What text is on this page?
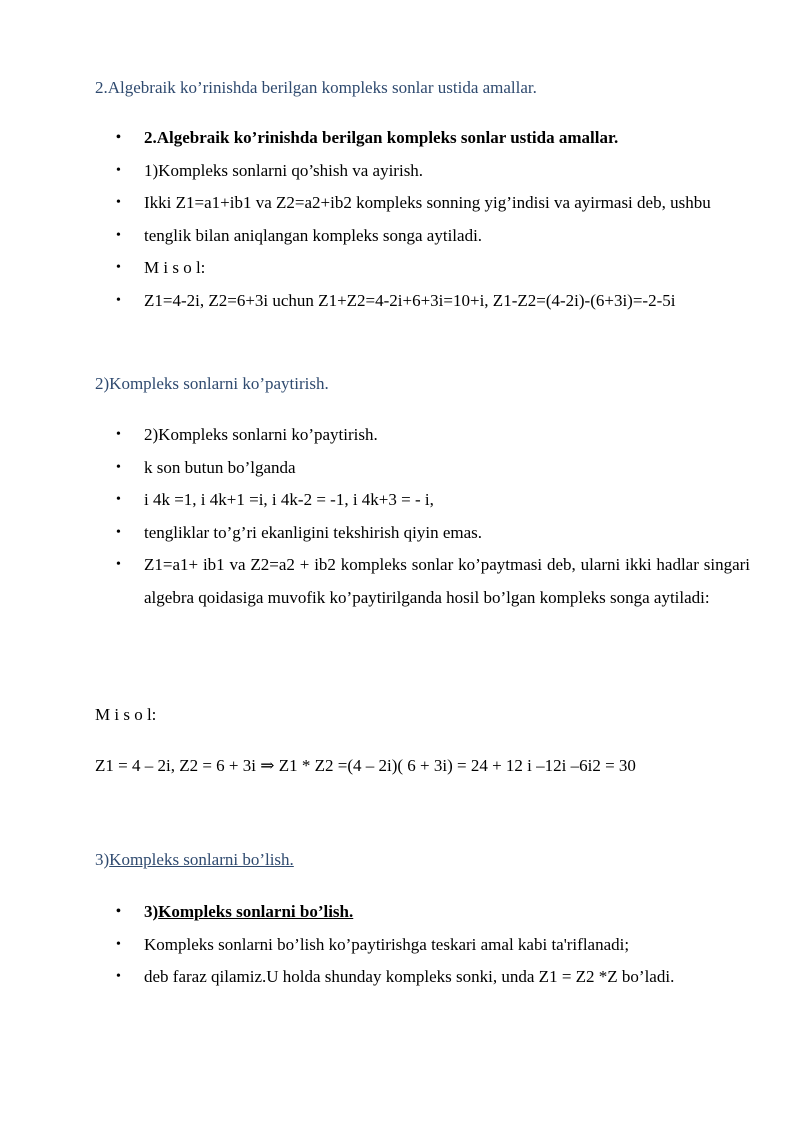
2.Algebraik ko’rinishda berilgan kompleks sonlar ustida amallar.
• 2.Algebraik ko’rinishda berilgan kompleks sonlar ustida amallar.
• 1)Kompleks sonlarni qo’shish va ayirish.
• Ikki Z1=a1+ib1 va Z2=a2+ib2 kompleks sonning yig’indisi va ayirmasi deb, ushbu
• tenglik bilan aniqlangan kompleks songa aytiladi.
• M i s o l:
• Z1=4-2i, Z2=6+3i uchun Z1+Z2=4-2i+6+3i=10+i, Z1-Z2=(4-2i)-(6+3i)=-2-5i
2)Kompleks sonlarni ko’paytirish.
• 2)Kompleks sonlarni ko’paytirish.
• k son butun bo’lganda
• i 4k =1, i 4k+1 =i, i 4k-2 = -1, i 4k+3 = - i,
• tengliklar to’g’ri ekanligini tekshirish qiyin emas.
• Z1=a1+ ib1 va Z2=a2 + ib2 kompleks sonlar ko’paytmasi deb, ularni ikki hadlar singari algebra qoidasiga muvofik ko’paytirilganda hosil bo’lgan kompleks songa aytiladi:
M i s o l:
Z1 = 4 – 2i, Z2 = 6 + 3i ⇒ Z1 * Z2 =(4 – 2i)( 6 + 3i) = 24 + 12 i –12i –6i2 = 30
3)Kompleks sonlarni bo’lish.
• 3)Kompleks sonlarni bo’lish.
• Kompleks sonlarni bo’lish ko’paytirishga teskari amal kabi ta'riflanadi;
• deb faraz qilamiz.U holda shunday kompleks sonki, unda Z1 = Z2 *Z bo’ladi.
